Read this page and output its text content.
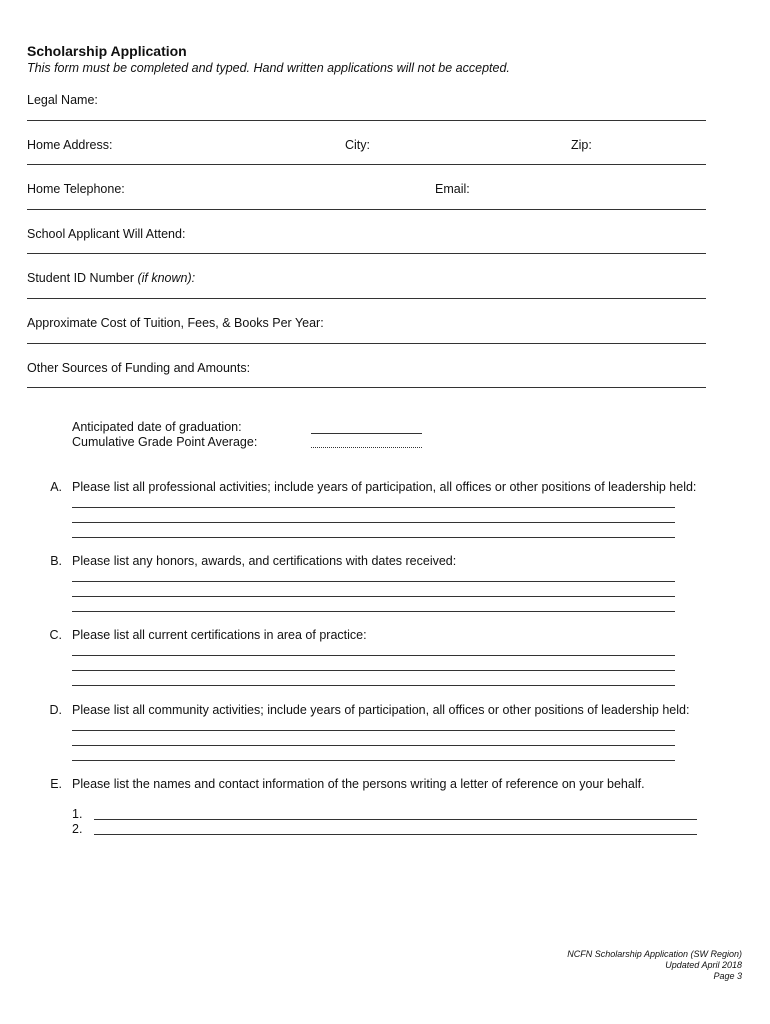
Scholarship Application
This form must be completed and typed. Hand written applications will not be accepted.
Legal Name:
Home Address:	City:	Zip:
Home Telephone:	Email:
School Applicant Will Attend:
Student ID Number (if known):
Approximate Cost of Tuition, Fees, & Books Per Year:
Other Sources of Funding and Amounts:
Anticipated date of graduation:
Cumulative Grade Point Average:
A. Please list all professional activities; include years of participation, all offices or other positions of leadership held:
B. Please list any honors, awards, and certifications with dates received:
C. Please list all current certifications in area of practice:
D. Please list all community activities; include years of participation, all offices or other positions of leadership held:
E. Please list the names and contact information of the persons writing a letter of reference on your behalf.
1.
2.
NCFN Scholarship Application (SW Region)
Updated April 2018
Page 3
